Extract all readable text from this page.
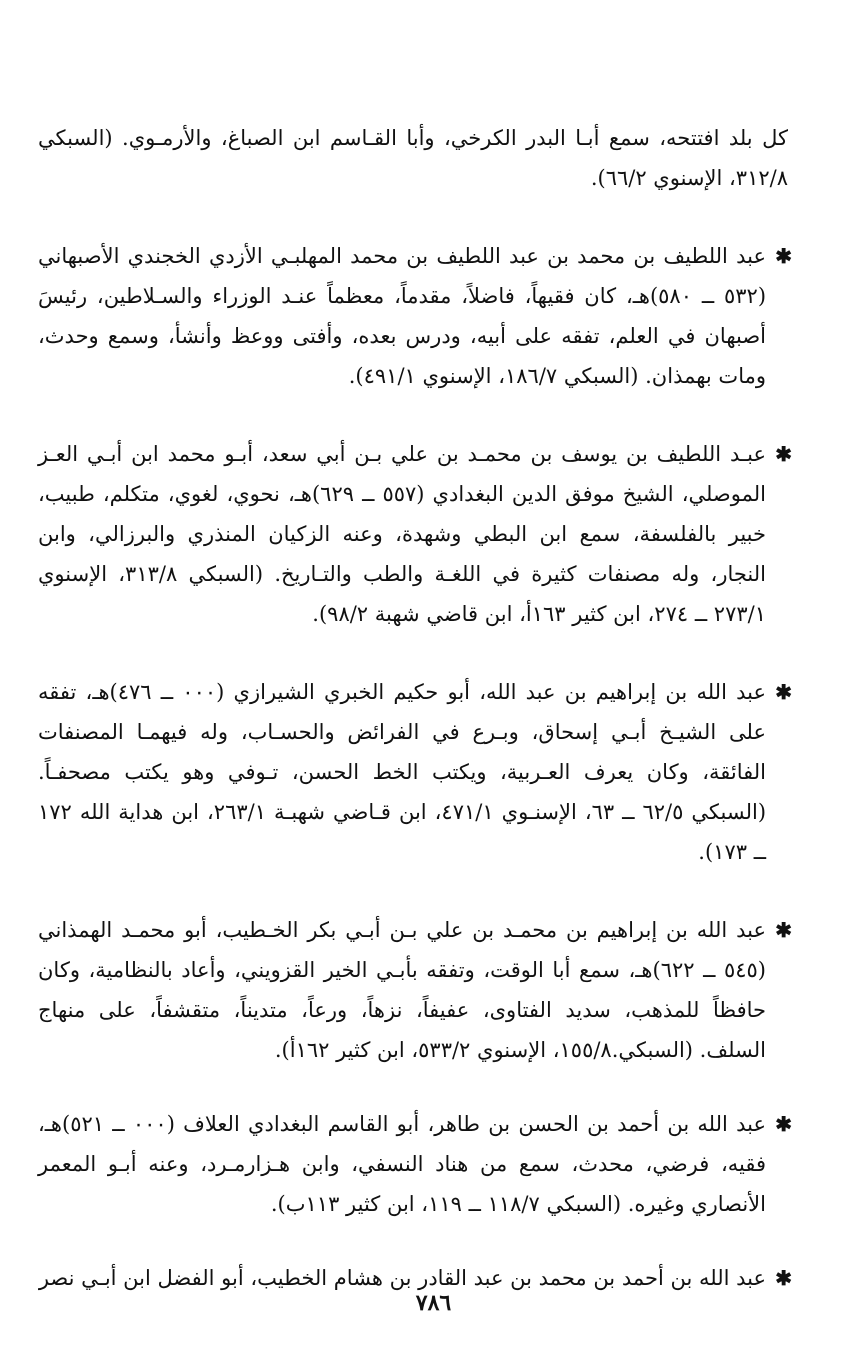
كل بلد افتتحه، سمع أبـا البدر الكرخي، وأبا القـاسم ابن الصباغ، والأرمـوي. (السبكي ٣١٢/٨، الإسنوي ٦٦/٢).

✱
عبد اللطيف بن محمد بن عبد اللطيف بن محمد المهلبـي الأزدي الخجندي الأصبهاني (٥٣٢ ــ ٥٨٠)هـ، كان فقيهاً، فاضلاً، مقدماً، معظماً عنـد الوزراء والسـلاطين، رئيسَ أصبهان في العلم، تفقه على أبيه، ودرس بعده، وأفتى ووعظ وأنشأ، وسمع وحدث، ومات بهمذان. (السبكي ١٨٦/٧، الإسنوي ٤٩١/١).

✱
عبـد اللطيف بن يوسف بن محمـد بن علي بـن أبي سعد، أبـو محمد ابن أبـي العـز الموصلي، الشيخ موفق الدين البغدادي (٥٥٧ ــ ٦٢٩)هـ، نحوي، لغوي، متكلم، طبيب، خبير بالفلسفة، سمع ابن البطي وشهدة، وعنه الزكيان المنذري والبرزالي، وابن النجار، وله مصنفات كثيرة في اللغـة والطب والتـاريخ. (السبكي ٣١٣/٨، الإسنوي ٢٧٣/١ ــ ٢٧٤، ابن كثير ١٦٣أ، ابن قاضي شهبة ٩٨/٢).

✱
عبد الله بن إبراهيم بن عبد الله، أبو حكيم الخبري الشيرازي (٠٠٠ ــ ٤٧٦)هـ، تفقه على الشيـخ أبـي إسحاق، وبـرع في الفرائض والحسـاب، وله فيهمـا المصنفات الفائقة، وكان يعرف العـربية، ويكتب الخط الحسن، تـوفي وهو يكتب مصحفـاً. (السبكي ٦٢/٥ ــ ٦٣، الإسنـوي ٤٧١/١، ابن قـاضي شهبـة ٢٦٣/١، ابن هداية الله ١٧٢ ــ ١٧٣).

✱
عبد الله بن إبراهيم بن محمـد بن علي بـن أبـي بكر الخـطيب، أبو محمـد الهمذاني (٥٤٥ ــ ٦٢٢)هـ، سمع أبا الوقت، وتفقه بأبـي الخير القزويني، وأعاد بالنظامية، وكان حافظاً للمذهب، سديد الفتاوى، عفيفاً، نزهاً، ورعاً، متديناً، متقشفاً، على منهاج السلف. (السبكي.١٥٥/٨، الإسنوي ٥٣٣/٢، ابن كثير ١٦٢أ).

✱
عبد الله بن أحمد بن الحسن بن طاهر، أبو القاسم البغدادي العلاف (٠٠٠ ــ ٥٢١)هـ، فقيه، فرضي، محدث، سمع من هناد النسفي، وابن هـزارمـرد، وعنه أبـو المعمر الأنصاري وغيره. (السبكي ١١٨/٧ ــ ١١٩، ابن كثير ١١٣ب).

✱
عبد الله بن أحمد بن محمد بن عبد القادر بن هشام الخطيب، أبو الفضل ابن أبـي نصر

٧٨٦
